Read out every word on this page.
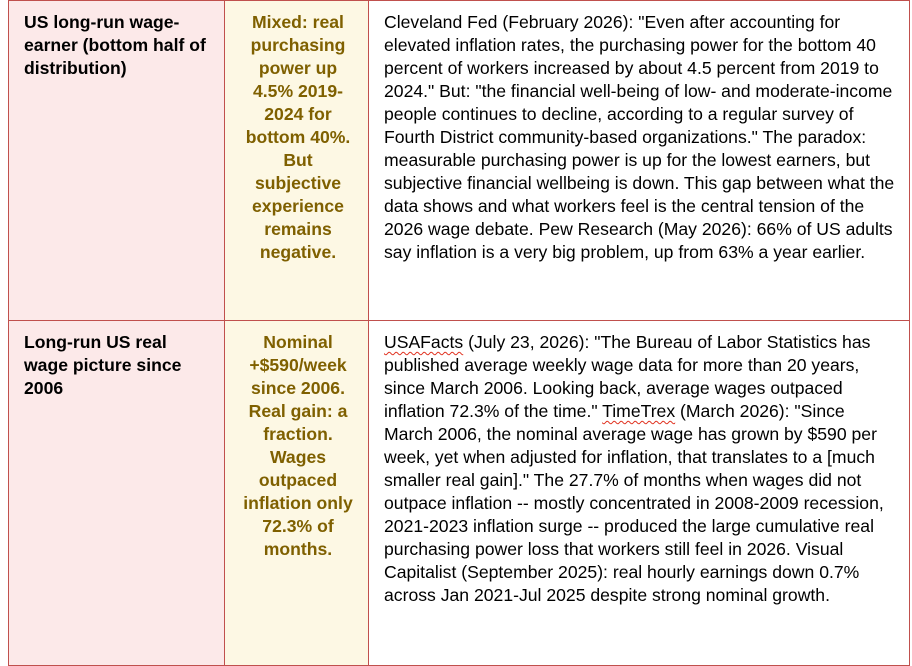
US long-run wage-earner (bottom half of distribution)	Mixed: real purchasing power up 4.5% 2019-2024 for bottom 40%. But subjective experience remains negative.	Cleveland Fed (February 2026): "Even after accounting for elevated inflation rates, the purchasing power for the bottom 40 percent of workers increased by about 4.5 percent from 2019 to 2024." But: "the financial well-being of low- and moderate-income people continues to decline, according to a regular survey of Fourth District community-based organizations." The paradox: measurable purchasing power is up for the lowest earners, but subjective financial wellbeing is down. This gap between what the data shows and what workers feel is the central tension of the 2026 wage debate. Pew Research (May 2026): 66% of US adults say inflation is a very big problem, up from 63% a year earlier.
Long-run US real wage picture since 2006	Nominal +$590/week since 2006. Real gain: a fraction. Wages outpaced inflation only 72.3% of months.	USAFacts (July 23, 2026): "The Bureau of Labor Statistics has published average weekly wage data for more than 20 years, since March 2006. Looking back, average wages outpaced inflation 72.3% of the time." TimeTrex (March 2026): "Since March 2006, the nominal average wage has grown by $590 per week, yet when adjusted for inflation, that translates to a [much smaller real gain]." The 27.7% of months when wages did not outpace inflation -- mostly concentrated in 2008-2009 recession, 2021-2023 inflation surge -- produced the large cumulative real purchasing power loss that workers still feel in 2026. Visual Capitalist (September 2025): real hourly earnings down 0.7% across Jan 2021-Jul 2025 despite strong nominal growth.
